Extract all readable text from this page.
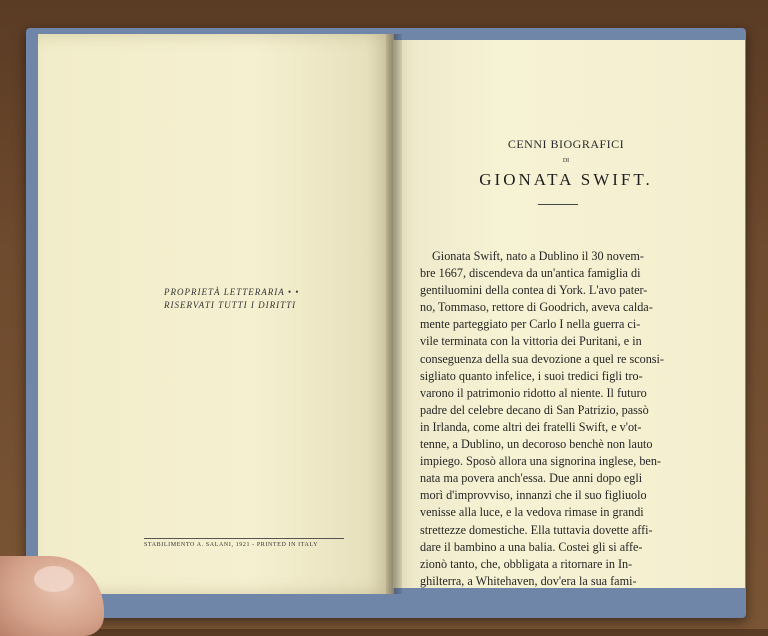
PROPRIETÀ LETTERARIA • •
RISERVATI TUTTI I DIRITTI
STABILIMENTO A. SALANI, 1921 - PRINTED IN ITALY
CENNI BIOGRAFICI
DI
GIONATA SWIFT.
Gionata Swift, nato a Dublino il 30 novem-
bre 1667, discendeva da un'antica famiglia di
gentiluomini della contea di York. L'avo pater-
no, Tommaso, rettore di Goodrich, aveva calda-
mente parteggiato per Carlo I nella guerra ci-
vile terminata con la vittoria dei Puritani, e in
conseguenza della sua devozione a quel re sconsi-
sigliato quanto infelice, i suoi tredici figli tro-
varono il patrimonio ridotto al niente. Il futuro
padre del celebre decano di San Patrizio, passò
in Irlanda, come altri dei fratelli Swift, e v'ot-
tenne, a Dublino, un decoroso benchè non lauto
impiego. Sposò allora una signorina inglese, ben-
nata ma povera anch'essa. Due anni dopo egli
morì d'improvviso, innanzi che il suo figliuolo
venisse alla luce, e la vedova rimase in grandi
strettezze domestiche. Ella tuttavia dovette affi-
dare il bambino a una balia. Costei gli si affe-
zionò tanto, che, obbligata a ritornare in In-
ghilterra, a Whitehaven, dov'era la sua fami-
